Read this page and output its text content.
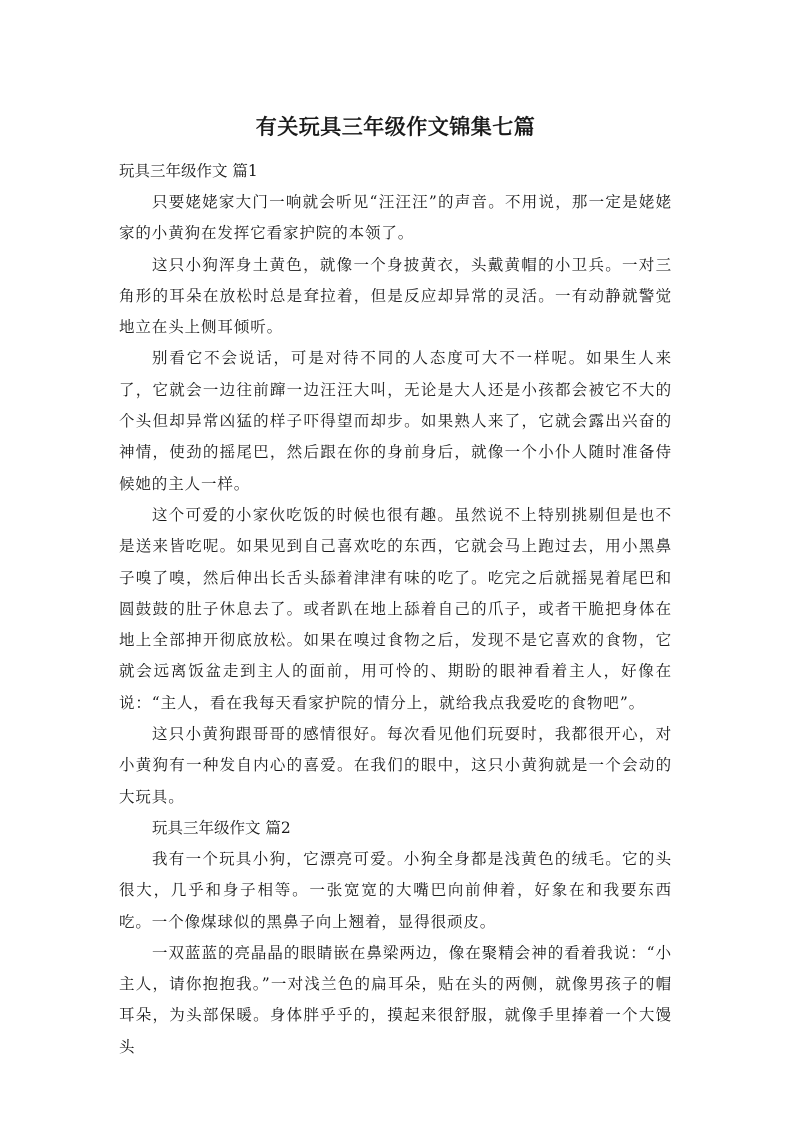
有关玩具三年级作文锦集七篇

玩具三年级作文 篇1

只要姥姥家大门一响就会听见“汪汪汪”的声音。不用说，那一定是姥姥家的小黄狗在发挥它看家护院的本领了。

这只小狗浑身土黄色，就像一个身披黄衣，头戴黄帽的小卫兵。一对三角形的耳朵在放松时总是耷拉着，但是反应却异常的灵活。一有动静就警觉地立在头上侧耳倾听。

别看它不会说话，可是对待不同的人态度可大不一样呢。如果生人来了，它就会一边往前蹿一边汪汪大叫，无论是大人还是小孩都会被它不大的个头但却异常凶猛的样子吓得望而却步。如果熟人来了，它就会露出兴奋的神情，使劲的摇尾巴，然后跟在你的身前身后，就像一个小仆人随时准备侍候她的主人一样。

这个可爱的小家伙吃饭的时候也很有趣。虽然说不上特别挑剔但是也不是送来皆吃呢。如果见到自己喜欢吃的东西，它就会马上跑过去，用小黑鼻子嗅了嗅，然后伸出长舌头舔着津津有味的吃了。吃完之后就摇晃着尾巴和圆鼓鼓的肚子休息去了。或者趴在地上舔着自己的爪子，或者干脆把身体在地上全部抻开彻底放松。如果在嗅过食物之后，发现不是它喜欢的食物，它就会远离饭盆走到主人的面前，用可怜的、期盼的眼神看着主人，好像在说：“主人，看在我每天看家护院的情分上，就给我点我爱吃的食物吧”。

这只小黄狗跟哥哥的感情很好。每次看见他们玩耍时，我都很开心，对小黄狗有一种发自内心的喜爱。在我们的眼中，这只小黄狗就是一个会动的大玩具。

玩具三年级作文 篇2

我有一个玩具小狗，它漂亮可爱。小狗全身都是浅黄色的绒毛。它的头很大，几乎和身子相等。一张宽宽的大嘴巴向前伸着，好象在和我要东西吃。一个像煤球似的黑鼻子向上翘着，显得很顽皮。

一双蓝蓝的亮晶晶的眼睛嵌在鼻梁两边，像在聚精会神的看着我说：“小主人，请你抱抱我。”一对浅兰色的扁耳朵，贴在头的两侧，就像男孩子的帽耳朵，为头部保暖。身体胖乎乎的，摸起来很舒服，就像手里捧着一个大馒头
